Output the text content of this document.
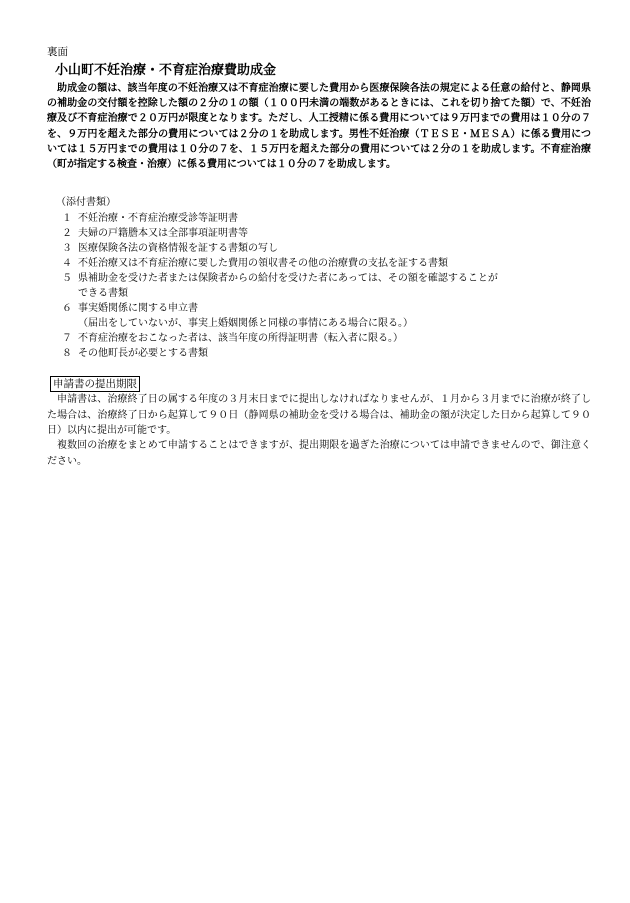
裏面
小山町不妊治療・不育症治療費助成金

助成金の額は、該当年度の不妊治療又は不育症治療に要した費用から医療保険各法の規定による任意の給付と、静岡県の補助金の交付額を控除した額の２分の１の額（１００円未満の端数があるときには、これを切り捨てた額）で、不妊治療及び不育症治療で２０万円が限度となります。ただし、人工授精に係る費用については９万円までの費用は１０分の７を、９万円を超えた部分の費用については２分の１を助成します。男性不妊治療（ＴＥＳＥ・ＭＥＳＡ）に係る費用については１５万円までの費用は１０分の７を、１５万円を超えた部分の費用については２分の１を助成します。不育症治療（町が指定する検査・治療）に係る費用については１０分の７を助成します。

（添付書類）
１ 不妊治療・不育症治療受診等証明書
２ 夫婦の戸籍謄本又は全部事項証明書等
３ 医療保険各法の資格情報を証する書類の写し
４ 不妊治療又は不育症治療に要した費用の領収書その他の治療費の支払を証する書類
５ 県補助金を受けた者または保険者からの給付を受けた者にあっては、その額を確認することが
できる書類
６ 事実婚関係に関する申立書
（届出をしていないが、事実上婚姻関係と同様の事情にある場合に限る。）
７ 不育症治療をおこなった者は、該当年度の所得証明書（転入者に限る。）
８ その他町長が必要とする書類
申請書の提出期限

申請書は、治療終了日の属する年度の３月末日までに提出しなければなりませんが、１月から３月までに治療が終了した場合は、治療終了日から起算して９０日（静岡県の補助金を受ける場合は、補助金の額が決定した日から起算して９０日）以内に提出が可能です。

複数回の治療をまとめて申請することはできますが、提出期限を過ぎた治療については申請できませんので、御注意ください。
